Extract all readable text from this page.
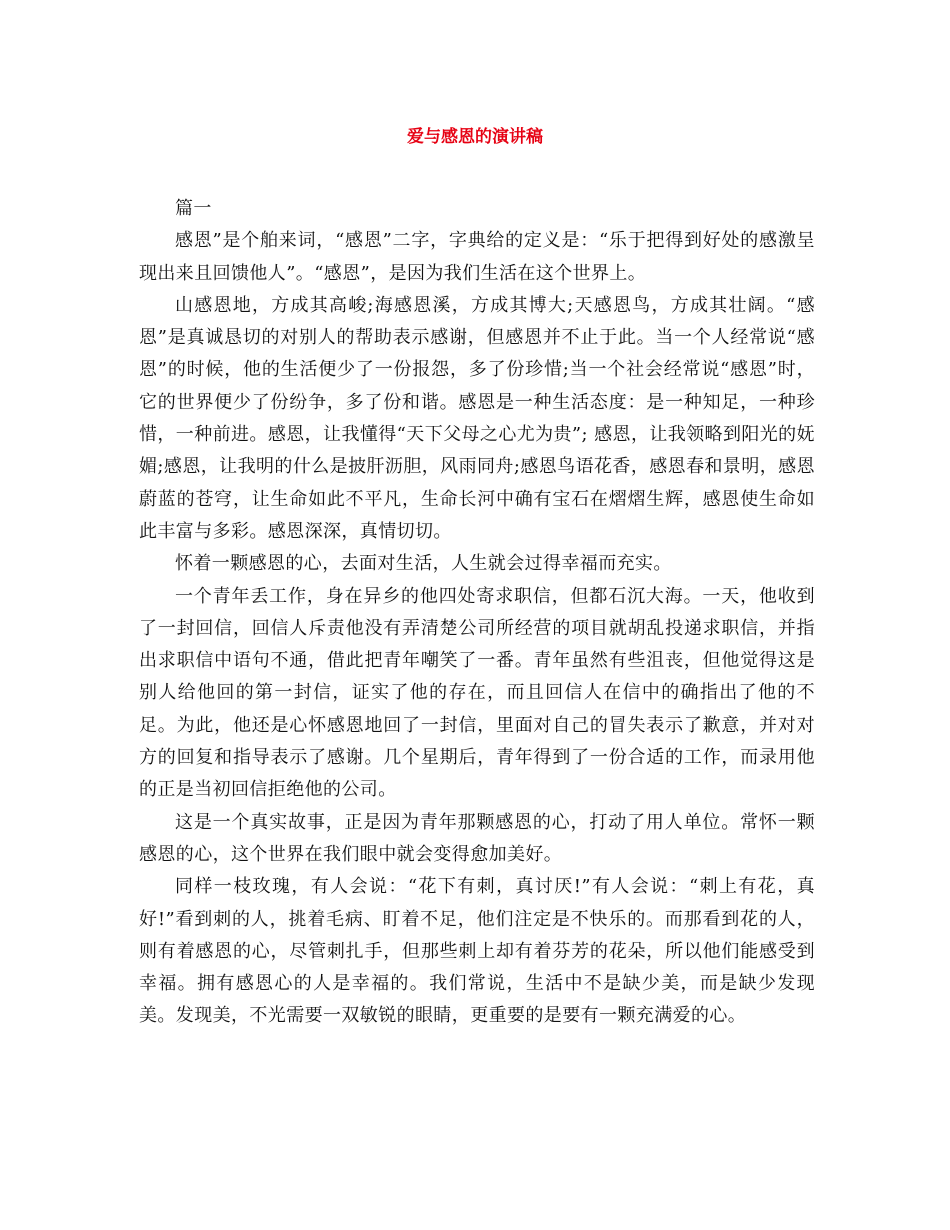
爱与感恩的演讲稿

篇一

感恩”是个舶来词，“感恩”二字，字典给的定义是：“乐于把得到好处的感激呈现出来且回馈他人”。“感恩”，是因为我们生活在这个世界上。

山感恩地，方成其高峻;海感恩溪，方成其博大;天感恩鸟，方成其壮阔。“感恩”是真诚恳切的对别人的帮助表示感谢，但感恩并不止于此。当一个人经常说“感恩”的时候，他的生活便少了一份报怨，多了份珍惜;当一个社会经常说“感恩”时，它的世界便少了份纷争，多了份和谐。感恩是一种生活态度：是一种知足，一种珍惜，一种前进。感恩，让我懂得“天下父母之心尤为贵”; 感恩，让我领略到阳光的妩媚;感恩，让我明的什么是披肝沥胆，风雨同舟;感恩鸟语花香，感恩春和景明，感恩蔚蓝的苍穹，让生命如此不平凡，生命长河中确有宝石在熠熠生辉，感恩使生命如此丰富与多彩。感恩深深，真情切切。

怀着一颗感恩的心，去面对生活，人生就会过得幸福而充实。

一个青年丢工作，身在异乡的他四处寄求职信，但都石沉大海。一天，他收到了一封回信，回信人斥责他没有弄清楚公司所经营的项目就胡乱投递求职信，并指出求职信中语句不通，借此把青年嘲笑了一番。青年虽然有些沮丧，但他觉得这是别人给他回的第一封信，证实了他的存在，而且回信人在信中的确指出了他的不足。为此，他还是心怀感恩地回了一封信，里面对自己的冒失表示了歉意，并对对方的回复和指导表示了感谢。几个星期后，青年得到了一份合适的工作，而录用他的正是当初回信拒绝他的公司。

这是一个真实故事，正是因为青年那颗感恩的心，打动了用人单位。常怀一颗感恩的心，这个世界在我们眼中就会变得愈加美好。

同样一枝玫瑰，有人会说：“花下有刺，真讨厌!”有人会说：“刺上有花，真好!”看到刺的人，挑着毛病、盯着不足，他们注定是不快乐的。而那看到花的人，则有着感恩的心，尽管刺扎手，但那些刺上却有着芬芳的花朵，所以他们能感受到幸福。拥有感恩心的人是幸福的。我们常说，生活中不是缺少美，而是缺少发现美。发现美，不光需要一双敏锐的眼睛，更重要的是要有一颗充满爱的心。
